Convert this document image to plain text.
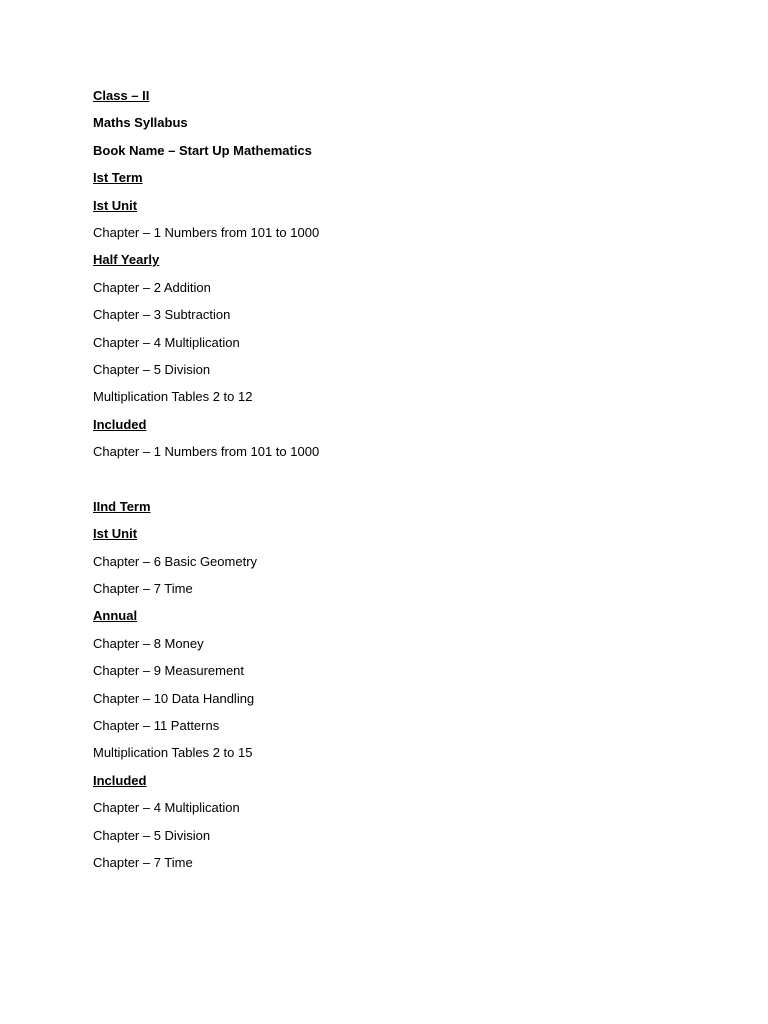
Class – II
Maths Syllabus
Book Name – Start Up Mathematics
Ist Term
Ist Unit
Chapter – 1 Numbers from 101 to 1000
Half Yearly
Chapter – 2 Addition
Chapter – 3 Subtraction
Chapter – 4 Multiplication
Chapter – 5 Division
Multiplication Tables 2 to 12
Included
Chapter – 1 Numbers from 101 to 1000
IInd Term
Ist Unit
Chapter – 6 Basic Geometry
Chapter – 7 Time
Annual
Chapter – 8 Money
Chapter – 9 Measurement
Chapter – 10 Data Handling
Chapter – 11 Patterns
Multiplication Tables 2 to 15
Included
Chapter – 4 Multiplication
Chapter – 5 Division
Chapter – 7 Time
